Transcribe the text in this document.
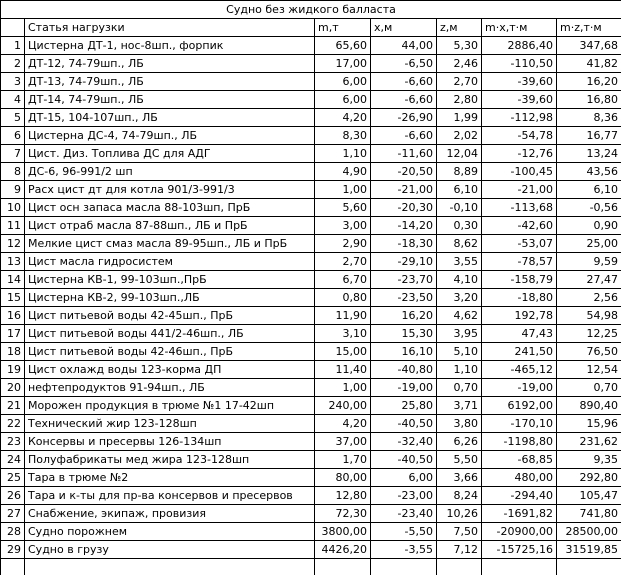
Судно без жидкого балласта						
	Статья нагрузки	m,т	x,м	z,м	m·x,т·м	m·z,т·м
1	Цистерна ДТ-1, нос-8шп., форпик	65,60	44,00	5,30	2886,40	347,68
2	ДТ-12, 74-79шп., ЛБ	17,00	-6,50	2,46	-110,50	41,82
3	ДТ-13, 74-79шп., ЛБ	6,00	-6,60	2,70	-39,60	16,20
4	ДТ-14, 74-79шп., ЛБ	6,00	-6,60	2,80	-39,60	16,80
5	ДТ-15, 104-107шп., ЛБ	4,20	-26,90	1,99	-112,98	8,36
6	Цистерна ДС-4, 74-79шп., ЛБ	8,30	-6,60	2,02	-54,78	16,77
7	Цист. Диз. Топлива ДС для АДГ	1,10	-11,60	12,04	-12,76	13,24
8	ДС-6, 96-991/2 шп	4,90	-20,50	8,89	-100,45	43,56
9	Расх цист дт для котла 901/3-991/3	1,00	-21,00	6,10	-21,00	6,10
10	Цист осн запаса масла 88-103шп, ПрБ	5,60	-20,30	-0,10	-113,68	-0,56
11	Цист отраб масла 87-88шп., ЛБ и ПрБ	3,00	-14,20	0,30	-42,60	0,90
12	Мелкие цист смаз масла 89-95шп., ЛБ и ПрБ	2,90	-18,30	8,62	-53,07	25,00
13	Цист масла гидросистем	2,70	-29,10	3,55	-78,57	9,59
14	Цистерна КВ-1, 99-103шп.,ПрБ	6,70	-23,70	4,10	-158,79	27,47
15	Цистерна КВ-2, 99-103шп.,ЛБ	0,80	-23,50	3,20	-18,80	2,56
16	Цист питьевой воды 42-45шп., ПрБ	11,90	16,20	4,62	192,78	54,98
17	Цист питьевой воды 441/2-46шп., ЛБ	3,10	15,30	3,95	47,43	12,25
18	Цист питьевой воды 42-46шп., ПрБ	15,00	16,10	5,10	241,50	76,50
19	Цист охлажд воды 123-корма ДП	11,40	-40,80	1,10	-465,12	12,54
20	нефтепродуктов 91-94шп., ЛБ	1,00	-19,00	0,70	-19,00	0,70
21	Морожен продукция в трюме №1 17-42шп	240,00	25,80	3,71	6192,00	890,40
22	Технический жир 123-128шп	4,20	-40,50	3,80	-170,10	15,96
23	Консервы и пресервы 126-134шп	37,00	-32,40	6,26	-1198,80	231,62
24	Полуфабрикаты мед жира 123-128шп	1,70	-40,50	5,50	-68,85	9,35
25	Тара в трюме №2	80,00	6,00	3,66	480,00	292,80
26	Тара и к-ты для пр-ва консервов и пресервов	12,80	-23,00	8,24	-294,40	105,47
27	Снабжение, экипаж, провизия	72,30	-23,40	10,26	-1691,82	741,80
28	Судно порожнем	3800,00	-5,50	7,50	-20900,00	28500,00
29	Судно в грузу	4426,20	-3,55	7,12	-15725,16	31519,85
